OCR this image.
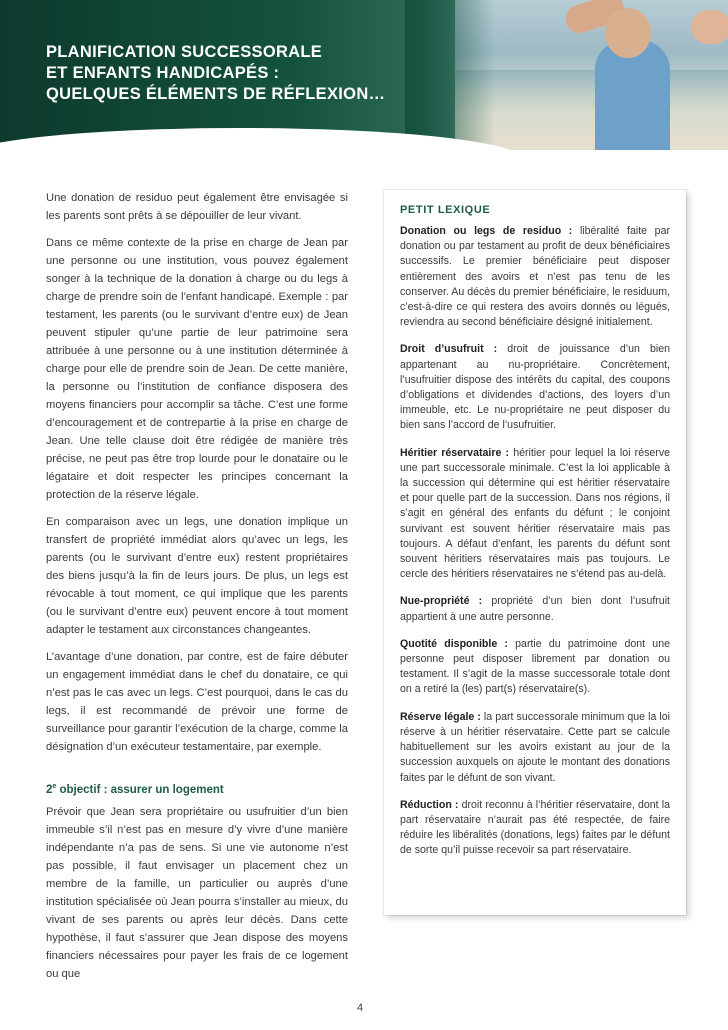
PLANIFICATION SUCCESSORALE
ET ENFANTS HANDICAPÉS :
QUELQUES ÉLÉMENTS DE RÉFLEXION…

Une donation de residuo peut également être envisagée si les parents sont prêts à se dépouiller de leur vivant.

Dans ce même contexte de la prise en charge de Jean par une personne ou une institution, vous pouvez également songer à la technique de la donation à charge ou du legs à charge de prendre soin de l’enfant handicapé. Exemple : par testament, les parents (ou le survivant d’entre eux) de Jean peuvent stipuler qu’une partie de leur patrimoine sera attribuée à une personne ou à une institution déterminée à charge pour elle de prendre soin de Jean. De cette manière, la personne ou l’institution de confiance disposera des moyens financiers pour accomplir sa tâche. C’est une forme d’encouragement et de contrepartie à la prise en charge de Jean. Une telle clause doit être rédigée de manière très précise, ne peut pas être trop lourde pour le donataire ou le légataire et doit respecter les principes concernant la protection de la réserve légale.

En comparaison avec un legs, une donation implique un transfert de propriété immédiat alors qu’avec un legs, les parents (ou le survivant d’entre eux) restent propriétaires des biens jusqu’à la fin de leurs jours. De plus, un legs est révocable à tout moment, ce qui implique que les parents (ou le survivant d’entre eux) peuvent encore à tout moment adapter le testament aux circonstances changeantes.

L’avantage d’une donation, par contre, est de faire débuter un engagement immédiat dans le chef du donataire, ce qui n’est pas le cas avec un legs. C’est pourquoi, dans le cas du legs, il est recommandé de prévoir une forme de surveillance pour garantir l’exécution de la charge, comme la désignation d’un exécuteur testamentaire, par exemple.

2e objectif : assurer un logement

Prévoir que Jean sera propriétaire ou usufruitier d’un bien immeuble s’il n’est pas en mesure d’y vivre d’une manière indépendante n’a pas de sens. Si une vie autonome n’est pas possible, il faut envisager un placement chez un membre de la famille, un particulier ou auprès d’une institution spécialisée où Jean pourra s’installer au mieux, du vivant de ses parents ou après leur décès. Dans cette hypothèse, il faut s’assurer que Jean dispose des moyens financiers nécessaires pour payer les frais de ce logement ou que

PETIT LEXIQUE

Donation ou legs de residuo : libéralité faite par donation ou par testament au profit de deux bénéficiaires successifs. Le premier bénéficiaire peut disposer entièrement des avoirs et n’est pas tenu de les conserver. Au décès du premier bénéficiaire, le residuum, c’est-à-dire ce qui restera des avoirs donnés ou légués, reviendra au second bénéficiaire désigné initialement.

Droit d’usufruit : droit de jouissance d’un bien appartenant au nu-propriétaire. Concrètement, l’usufruitier dispose des intérêts du capital, des coupons d’obligations et dividendes d’actions, des loyers d’un immeuble, etc. Le nu-propriétaire ne peut disposer du bien sans l’accord de l’usufruitier.

Héritier réservataire : héritier pour lequel la loi réserve une part successorale minimale. C’est la loi applicable à la succession qui détermine qui est héritier réservataire et pour quelle part de la succession. Dans nos régions, il s’agit en général des enfants du défunt ; le conjoint survivant est souvent héritier réservataire mais pas toujours. A défaut d’enfant, les parents du défunt sont souvent héritiers réservataires mais pas toujours. Le cercle des héritiers réservataires ne s’étend pas au-delà.

Nue-propriété : propriété d’un bien dont l’usufruit appartient à une autre personne.

Quotité disponible : partie du patrimoine dont une personne peut disposer librement par donation ou testament. Il s’agit de la masse successorale totale dont on a retiré la (les) part(s) réservataire(s).

Réserve légale : la part successorale minimum que la loi réserve à un héritier réservataire. Cette part se calcule habituellement sur les avoirs existant au jour de la succession auxquels on ajoute le montant des donations faites par le défunt de son vivant.

Réduction : droit reconnu à l’héritier réservataire, dont la part réservataire n’aurait pas été respectée, de faire réduire les libéralités (donations, legs) faites par le défunt de sorte qu’il puisse recevoir sa part réservataire.

4
